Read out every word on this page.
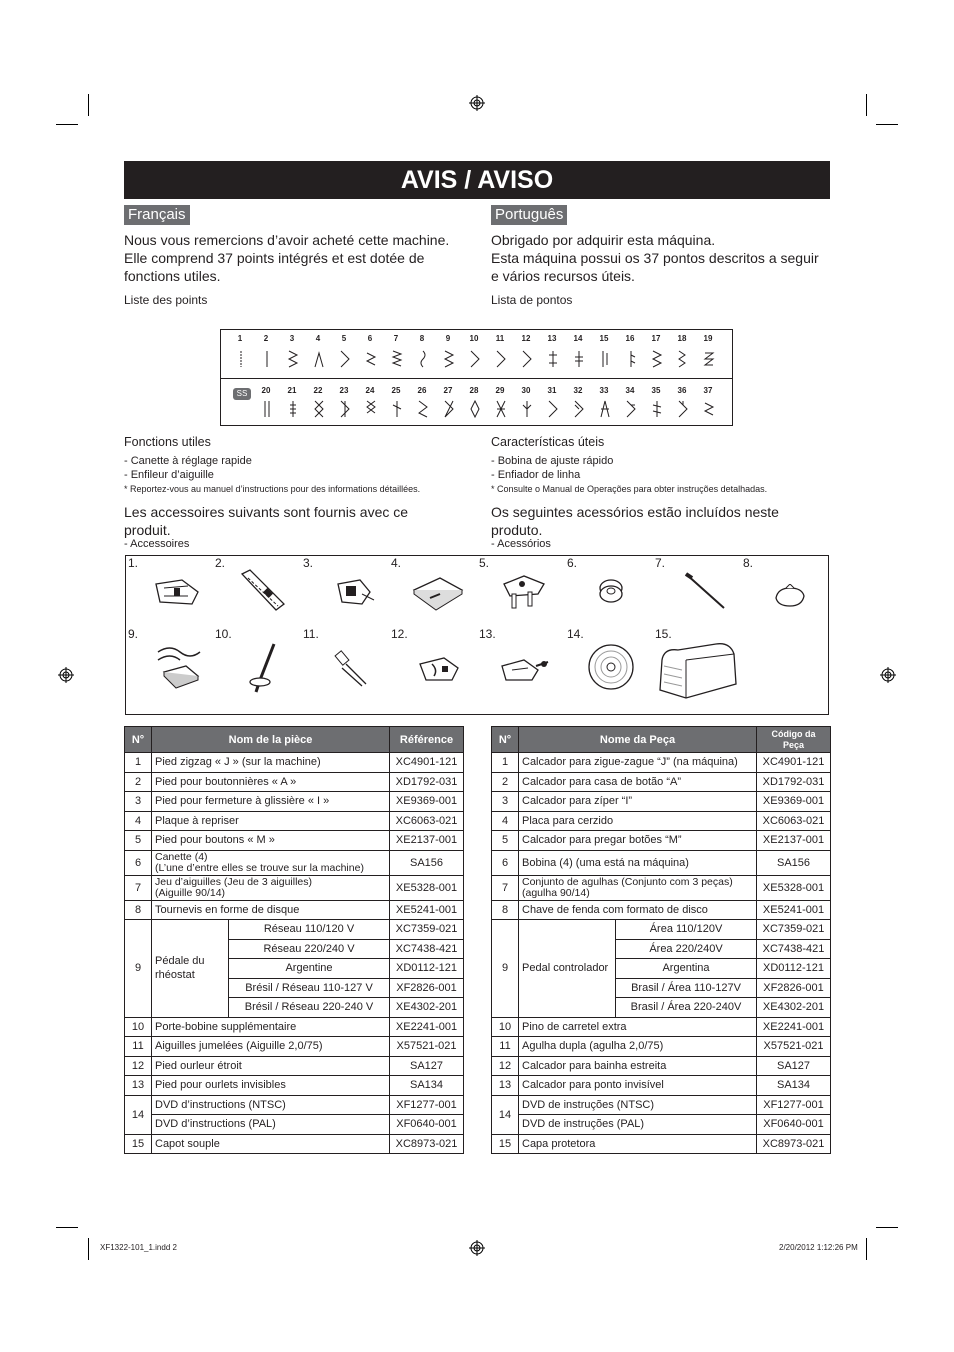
AVIS / AVISO
Français
Nous vous remercions d’avoir acheté cette machine.
Elle comprend 37 points intégrés et est dotée de
fonctions utiles.
Liste des points
Português
Obrigado por adquirir esta máquina.
Esta máquina possui os 37 pontos descritos a seguir
e vários recursos úteis.
Lista de pontos
SS
1	2	3	4	5	6	7	8	9	10	11	12	13	14	15	16	17	18	19
20	21	22	23	24	25	26	27	28	29	30	31	32	33	34	35	36	37
Fonctions utiles
- Canette à réglage rapide
- Enfileur d’aiguille
* Reportez-vous au manuel d’instructions pour des informations détaillées.
Características úteis
- Bobina de ajuste rápido
- Enfiador de linha
* Consulte o Manual de Operações para obter instruções detalhadas.
Les accessoires suivants sont fournis avec ce produit.
- Accessoires
Os seguintes acessórios estão incluídos neste produto.
- Acessórios
1.	2.	3.	4.	5.	6.	7.	8.
9.	10.	11.	12.	13.	14.	15.
N°	Nom de la pièce		Référence
1	Pied zigzag « J » (sur la machine)		XC4901-121
2	Pied pour boutonnières « A »		XD1792-031
3	Pied pour fermeture à glissière « I »		XE9369-001
4	Plaque à repriser		XC6063-021
5	Pied pour boutons « M »		XE2137-001
6	Canette (4)
(L’une d’entre elles se trouve sur la machine)		SA156
7	Jeu d’aiguilles (Jeu de 3 aiguilles)
(Aiguille 90/14)		XE5328-001
8	Tournevis en forme de disque		XE5241-001
9	Pédale du rhéostat	Réseau 110/120 V	XC7359-021
		Réseau 220/240 V	XC7438-421
		Argentine	XD0112-121
		Brésil / Réseau 110-127 V	XF2826-001
		Brésil / Réseau 220-240 V	XE4302-201
10	Porte-bobine supplémentaire		XE2241-001
11	Aiguilles jumelées (Aiguille 2,0/75)		X57521-021
12	Pied ourleur étroit		SA127
13	Pied pour ourlets invisibles		SA134
14	DVD d’instructions (NTSC)		XF1277-001
	DVD d’instructions (PAL)		XF0640-001
15	Capot souple		XC8973-021
N°	Nome da Peça		Código da Peça
1	Calcador para zigue-zague “J” (na máquina)		XC4901-121
2	Calcador para casa de botão “A”		XD1792-031
3	Calcador para zíper “I”		XE9369-001
4	Placa para cerzido		XC6063-021
5	Calcador para pregar botões “M”		XE2137-001
6	Bobina (4) (uma está na máquina)		SA156
7	Conjunto de agulhas (Conjunto com 3 peças)
(agulha 90/14)		XE5328-001
8	Chave de fenda com formato de disco		XE5241-001
9	Pedal controlador	Área 110/120V	XC7359-021
		Área 220/240V	XC7438-421
		Argentina	XD0112-121
		Brasil / Área 110-127V	XF2826-001
		Brasil / Área 220-240V	XE4302-201
10	Pino de carretel extra		XE2241-001
11	Agulha dupla (agulha 2,0/75)		X57521-021
12	Calcador para bainha estreita		SA127
13	Calcador para ponto invisível		SA134
14	DVD de instruções (NTSC)		XF1277-001
	DVD de instruções (PAL)		XF0640-001
15	Capa protetora		XC8973-021
XF1322-101_1.indd 2	2/20/2012 1:12:26 PM
